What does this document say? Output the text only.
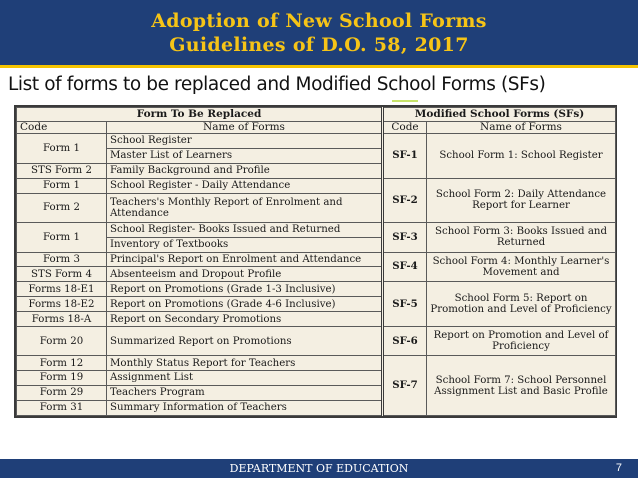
Adoption of New School Forms
Guidelines of D.O. 58, 2017
List of forms to be replaced and Modified School Forms (SFs)
Form To Be Replaced		Modified School Forms (SFs)	
Code	Name of Forms	Code	Name of Forms
Form 1	School Register	SF-1	School Form 1: School Register
	Master List of Learners		
STS Form 2	Family Background and Profile		
Form 1	School Register - Daily Attendance	SF-2	School Form 2: Daily Attendance Report for Learner
Form 2	Teachers's Monthly Report of Enrolment and Attendance		
Form 1	School Register- Books Issued and Returned	SF-3	School Form 3: Books Issued and Returned
	Inventory of Textbooks		
Form 3	Principal's Report on Enrolment and Attendance	SF-4	School Form 4: Monthly Learner's Movement and
STS Form 4	Absenteeism and Dropout Profile		
Forms 18-E1	Report on Promotions (Grade 1-3 Inclusive)	SF-5	School Form 5: Report on Promotion and Level of Proficiency
Forms 18-E2	Report on Promotions (Grade 4-6 Inclusive)		
Forms 18-A	Report on Secondary Promotions		
Form 20	Summarized Report on Promotions	SF-6	Report on Promotion and Level of Proficiency
Form 12	Monthly Status Report for Teachers	SF-7	School Form 7: School Personnel Assignment List and Basic Profile
Form 19	Assignment List		
Form 29	Teachers Program		
Form 31	Summary Information of Teachers		
DEPARTMENT OF EDUCATION	7
